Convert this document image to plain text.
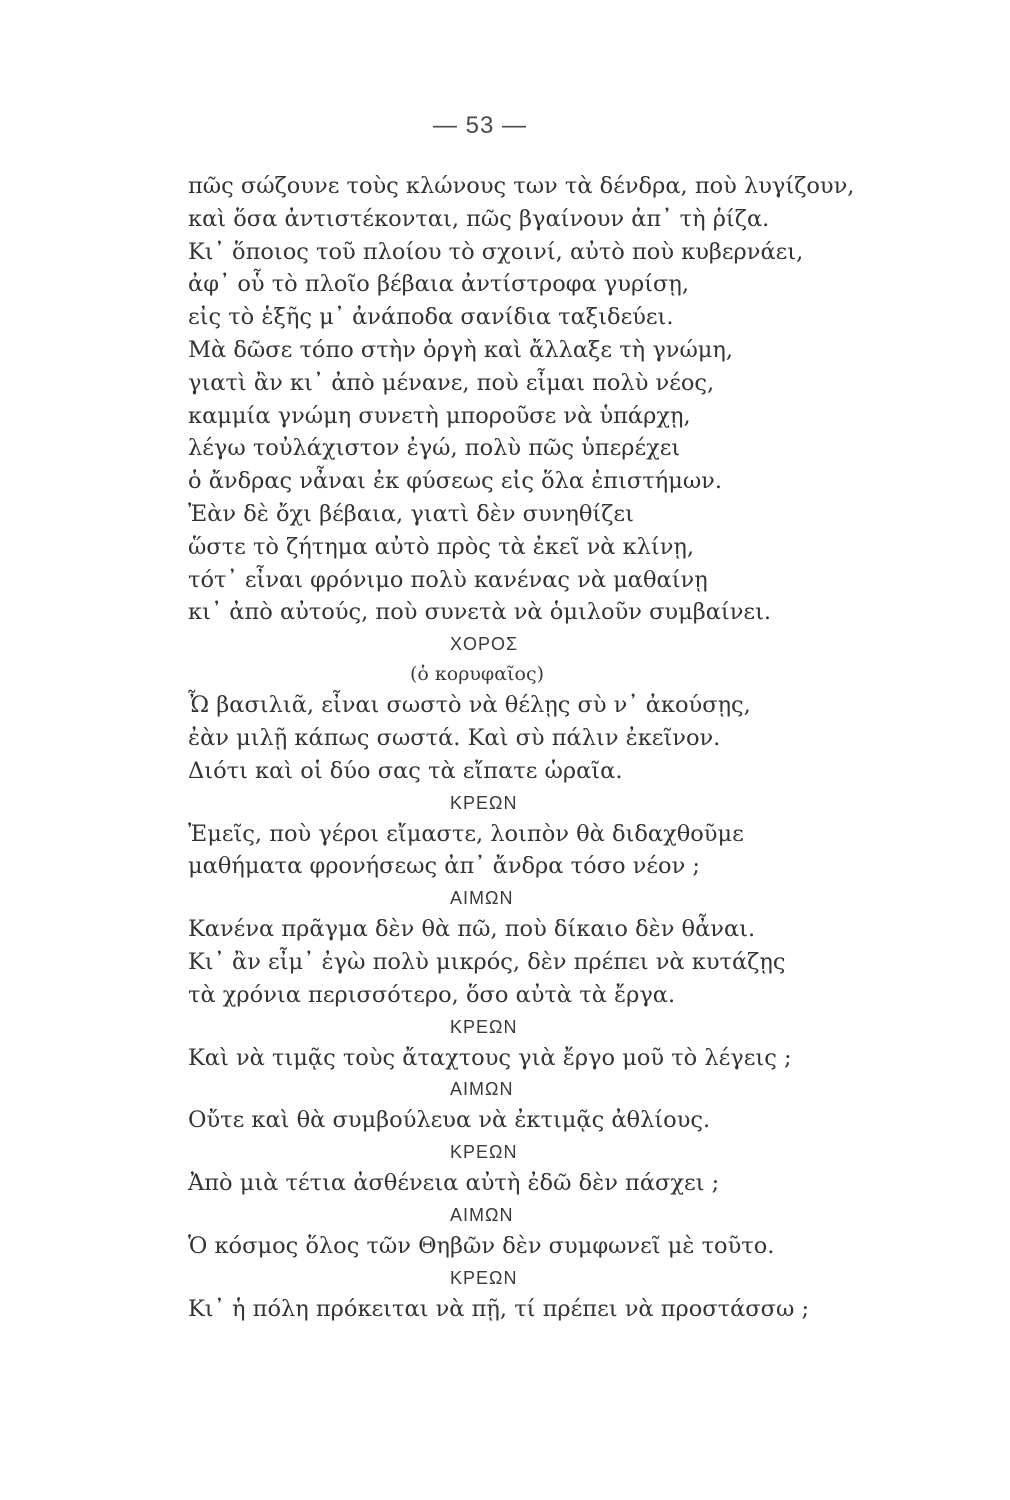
— 53 —
πῶς σώζουνε τοὺς κλώνους των τὰ δένδρα, ποὺ λυγίζουν,
καὶ ὅσα ἀντιστέκονται, πῶς βγαίνουν ἀπ᾽ τὴ ῥίζα.
Κι᾽ ὅποιος τοῦ πλοίου τὸ σχοινί, αὐτὸ ποὺ κυβερνάει,
ἀφ᾽ οὗ τὸ πλοῖο βέβαια ἀντίστροφα γυρίσῃ,
εἰς τὸ ἑξῆς μ᾽ ἀνάποδα σανίδια ταξιδεύει.
Μὰ δῶσε τόπο στὴν ὀργὴ καὶ ἄλλαξε τὴ γνώμη,
γιατὶ ἂν κι᾽ ἀπὸ μένανε, ποὺ εἶμαι πολὺ νέος,
καμμία γνώμη συνετὴ μποροῦσε νὰ ὑπάρχῃ,
λέγω τοὐλάχιστον ἐγώ, πολὺ πῶς ὑπερέχει
ὁ ἄνδρας νἆναι ἐκ φύσεως εἰς ὅλα ἐπιστήμων.
Ἐὰν δὲ ὄχι βέβαια, γιατὶ δὲν συνηθίζει
ὥστε τὸ ζήτημα αὐτὸ πρὸς τὰ ἐκεῖ νὰ κλίνῃ,
τότ᾽ εἶναι φρόνιμο πολὺ κανένας νὰ μαθαίνῃ
κι᾽ ἀπὸ αὐτούς, ποὺ συνετὰ νὰ ὁμιλοῦν συμβαίνει.
ΧΟΡΟΣ
(ὁ κορυφαῖος)
Ὦ βασιλιᾶ, εἶναι σωστὸ νὰ θέλῃς σὺ ν᾽ ἀκούσῃς,
ἐὰν μιλῇ κάπως σωστά. Καὶ σὺ πάλιν ἐκεῖνον.
Διότι καὶ οἱ δύο σας τὰ εἴπατε ὡραῖα.
ΚΡΕΩΝ
Ἐμεῖς, ποὺ γέροι εἴμαστε, λοιπὸν θὰ διδαχθοῦμε
μαθήματα φρονήσεως ἀπ᾽ ἄνδρα τόσο νέον ;
ΑΙΜΩΝ
Κανένα πρᾶγμα δὲν θὰ πῶ, ποὺ δίκαιο δὲν θἆναι.
Κι᾽ ἂν εἶμ᾽ ἐγὼ πολὺ μικρός, δὲν πρέπει νὰ κυτάζῃς
τὰ χρόνια περισσότερο, ὅσο αὐτὰ τὰ ἔργα.
ΚΡΕΩΝ
Καὶ νὰ τιμᾷς τοὺς ἄταχτους γιὰ ἔργο μοῦ τὸ λέγεις ;
ΑΙΜΩΝ
Οὔτε καὶ θὰ συμβούλευα νὰ ἐκτιμᾷς ἀθλίους.
ΚΡΕΩΝ
Ἀπὸ μιὰ τέτια ἀσθένεια αὐτὴ ἐδῶ δὲν πάσχει ;
ΑΙΜΩΝ
Ὁ κόσμος ὅλος τῶν Θηβῶν δὲν συμφωνεῖ μὲ τοῦτο.
ΚΡΕΩΝ
Κι᾽ ἡ πόλη πρόκειται νὰ πῇ, τί πρέπει νὰ προστάσσω ;
